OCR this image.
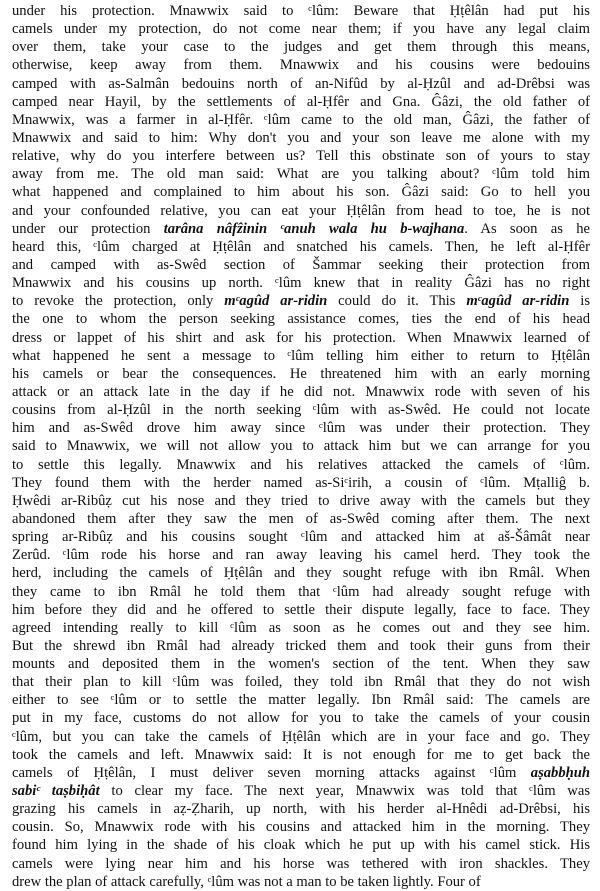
under his protection. Mnawwix said to ᶜlûm: Beware that Ḥṭêlân had put his
camels under my protection, do not come near them; if you have any legal claim
over them, take your case to the judges and get them through this means,
otherwise, keep away from them. Mnawwix and his cousins were bedouins
camped with as-Salmân bedouins north of an-Nifûd by al-Ḥzûl and ad-Drêbsi was
camped near Hayil, by the settlements of al-Ḥfêr and Gna. Ĝâzi, the old father of
Mnawwix, was a farmer in al-Ḥfêr. ᶜlûm came to the old man, Ĝâzi, the father of
Mnawwix and said to him: Why don't you and your son leave me alone with my
relative, why do you interfere between us? Tell this obstinate son of yours to stay
away from me. The old man said: What are you talking about? ᶜlûm told him
what happened and complained to him about his son. Ĝâzi said: Go to hell you
and your confounded relative, you can eat your Ḥṭêlân from head to toe, he is not
under our protection tarâna nâfẑinin ᶜanuh wala hu b-wajhana. As soon as he
heard this, ᶜlûm charged at Ḥṭêlân and snatched his camels. Then, he left al-Ḥfêr
and camped with as-Swêd section of Šammar seeking their protection from
Mnawwix and his cousins up north. ᶜlûm knew that in reality Ĝâzi has no right
to revoke the protection, only mᶜagûd ar-ridin could do it. This mᶜagûd ar-ridin is
the one to whom the person seeking assistance comes, ties the end of his head
dress or lappet of his shirt and ask for his protection. When Mnawwix learned of
what happened he sent a message to ᶜlûm telling him either to return to Ḥṭêlân
his camels or bear the consequences. He threatened him with an early morning
attack or an attack late in the day if he did not. Mnawwix rode with seven of his
cousins from al-Ḥzûl in the north seeking ᶜlûm with as-Swêd. He could not locate
him and as-Swêd drove him away since ᶜlûm was under their protection. They
said to Mnawwix, we will not allow you to attack him but we can arrange for you
to settle this legally. Mnawwix and his relatives attacked the camels of ᶜlûm.
They found them with the herder named as-Siᶜirih, a cousin of ᶜlûm. Mṭalliĝ b.
Ḥwêdi ar-Ribûẓ cut his nose and they tried to drive away with the camels but they
abandoned them after they saw the men of as-Swêd coming after them. The next
spring ar-Ribûẓ and his cousins sought ᶜlûm and attacked him at aš-Šâmât near
Zerûd. ᶜlûm rode his horse and ran away leaving his camel herd. They took the
herd, including the camels of Ḥṭêlân and they sought refuge with ibn Rmâl. When
they came to ibn Rmâl he told them that ᶜlûm had already sought refuge with
him before they did and he offered to settle their dispute legally, face to face. They
agreed intending really to kill ᶜlûm as soon as he comes out and they see him.
But the shrewd ibn Rmâl had already tricked them and took their guns from their
mounts and deposited them in the women's section of the tent. When they saw
that their plan to kill ᶜlûm was foiled, they told ibn Rmâl that they do not wish
either to see ᶜlûm or to settle the matter legally. Ibn Rmâl said: The camels are
put in my face, customs do not allow for you to take the camels of your cousin
ᶜlûm, but you can take the camels of Ḥṭêlân which are in your face and go. They
took the camels and left. Mnawwix said: It is not enough for me to get back the
camels of Ḥṭêlân, I must deliver seven morning attacks against ᶜlûm aṣabbḥuh
sabiᶜ taṣbiḥât to clear my face. The next year, Mnawwix was told that ᶜlûm was
grazing his camels in aẓ-Ẓharih, up north, with his herder al-Hnêdi ad-Drêbsi, his
cousin. So, Mnawwix rode with his cousins and attacked him in the morning. They
found him lying in the shade of his cloak which he put up with his camel stick. His
camels were lying near him and his horse was tethered with iron shackles. They
drew the plan of attack carefully, ᶜlûm was not a man to be taken lightly. Four of
